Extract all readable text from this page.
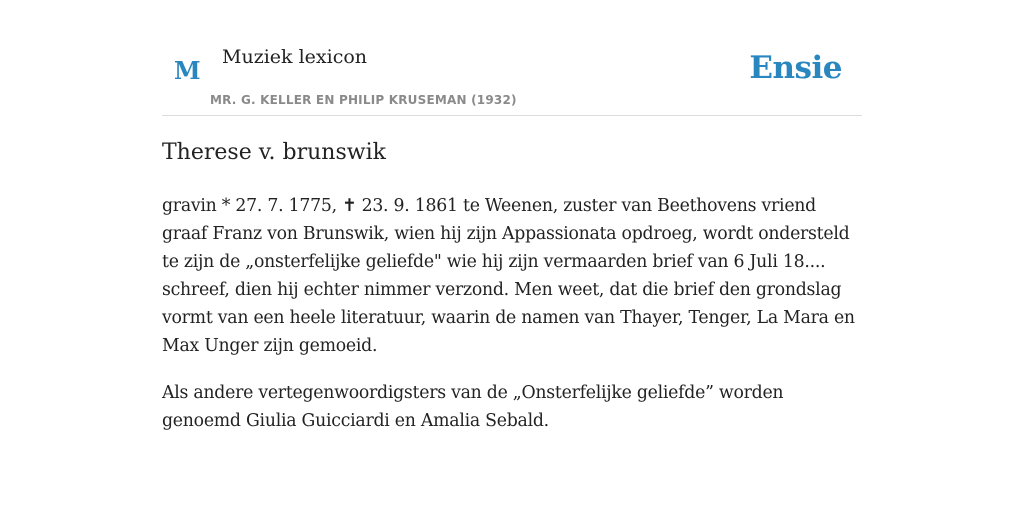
M Muziek lexicon
MR. G. KELLER EN PHILIP KRUSEMAN (1932)
Ensie
Therese v. brunswik

gravin * 27. 7. 1775, ✝ 23. 9. 1861 te Weenen, zuster van Beethovens vriend graaf Franz von Brunswik, wien hij zijn Appassionata opdroeg, wordt ondersteld te zijn de „onsterfelijke geliefde" wie hij zijn vermaarden brief van 6 Juli 18.... schreef, dien hij echter nimmer verzond. Men weet, dat die brief den grondslag vormt van een heele literatuur, waarin de namen van Thayer, Tenger, La Mara en Max Unger zijn gemoeid.

Als andere vertegenwoordigsters van de „Onsterfelijke geliefde” worden genoemd Giulia Guicciardi en Amalia Sebald.
